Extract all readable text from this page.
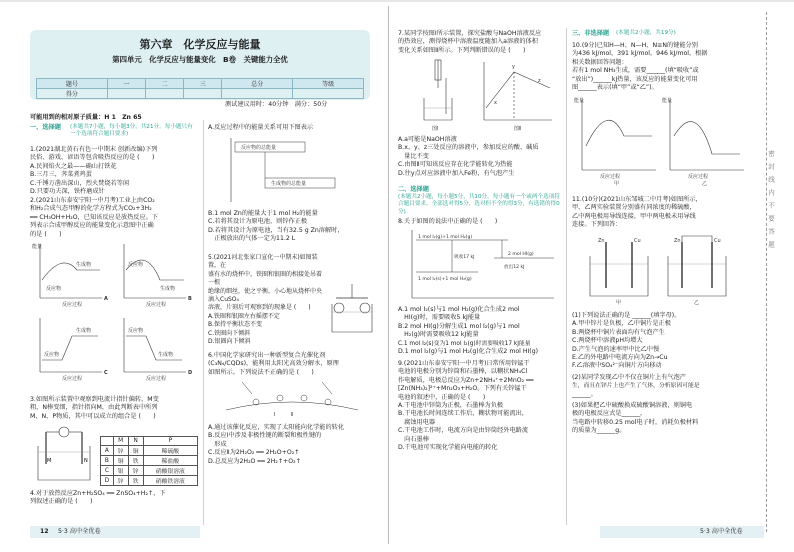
第六章　化学反应与能量
第四单元　化学反应与能量变化　B卷　关键能力全优
题号	一	二	三	总分	等级
得分					
测试建议用时：40分钟　满分：50分
可能用到的相对原子质量：H 1　Zn 65
一、选择题 (本题共7小题，每小题3分，共21分。每小题只有一个选项符合题目要求)
1.(2021湖北黄石有色一中期末 创新改编)下列
民俗、游戏、谚语等包含吸热反应的是 (　　)
A.民间焰火之最——确山打铁花
B.三月三，荠菜煮鸡蛋
C.千锤万凿出深山，烈火焚烧若等闲
D.只要功夫深，铁杵磨成针
2.(2021山东泰安宁阳一中月考)工业上由CO₂
和H₂合成气态甲醇的化学方程式为CO₂+3H₂
══ CH₃OH+H₂O，已知该反应是放热反应。下
列表示合成甲醇反应的能量变化示意图中正确
的是 (　　)
反应物
生成物
反应过程
能量
A
反应物
生成物
反应过程
B
反应物
生成物
反应过程
C
反应物
生成物
反应过程
D
3.如图所示装置中观察到电流计指针偏转，M变
粗，N棒变细，指针指向M，由此判断表中所列
M、N、P物质，其中可以成立的组合是 (　　)
M	N
	M	N	P
A	锌	铜	稀硫酸
B	铜	铁	稀盐酸
C	银	锌	硝酸银溶液
D	锌	铁	硝酸铁溶液
4.对于放热反应Zn+H₂SO₄ ══ ZnSO₄+H₂↑，下
列叙述正确的是 (　　)
12 5·3 高中全优卷
A.反应过程中的能量关系可用下图表示
反应物的总能量
生成物的总能量
B.1 mol Zn的能量大于1 mol H₂的能量
C.若将其设计为原电池，则锌作正极
D.若将其设计为原电池，当有32.5 g Zn溶解时，
　正极放出的气体一定为11.2 L
5.(2021河北张家口宣化一中期末)如图装置，在
盛有水的烧杯中，铁圈和银圈的相接处吊着一根
绝缘的细丝，使之平衡。小心地从烧杯中央滴入CuSO₄
溶液，片刻后可观察到的现象是 (　　)
A.铁圈和银圈左右摇摆不定
B.保持平衡状态不变
C.铁圈向下倾斜
D.银圈向下倾斜
6.中国化学家研究出一种新型复合光催化剂
(C₃N₄/CQDs)，能利用太阳光高效分解水，原理
如图所示。下列说法不正确的是 (　　)
Ⅰ　　　Ⅱ
A.通过该催化反应，实现了太阳能向化学能的转化
B.反应Ⅰ中涉及非极性键的断裂和极性键的
　形成
C.反应Ⅱ为2H₂O₂ ══ 2H₂O+O₂↑
D.总反应为2H₂O ══ 2H₂↑+O₂↑
7.某同学按图Ⅰ所示装置，探究盐酸与NaOH溶液反应
的热效应，测得烧杯中溶液温度随加入a溶液的体积
变化关系如图Ⅱ所示。下列判断错误的是 (　　)
图Ⅰ	图Ⅱ
x
y
z
A.a可能是NaOH溶液
B.x、y、z三处反应的溶液中，参加反应的酸、碱质
　量比不变
C.由图Ⅱ可知该反应存在化学能转化为热能
D.往y点对应溶液中加入Fe粉，有气泡产生
二、选择题
(本题共2小题，每小题5分，共10分。每小题有一个或两个选项符合题目要求，全部选对得5分，选对但不全的得3分，有选错的得0分)
8.关于如图的说法中正确的是 (　　)
1 mol I₂(g)+1 mol H₂(g)
1 mol I₂(s)+1 mol H₂(g)
2 mol HI(g)
吸收17 kJ
放出12 kJ
A.1 mol I₂(s)与1 mol H₂(g)化合生成2 mol
　HI(g)时，需要吸收5 kJ能量
B.2 mol HI(g)分解生成1 mol I₂(g)与1 mol
　H₂(g)时需要吸收12 kJ能量
C.1 mol I₂(s)变为1 mol I₂(g)时需要吸收17 kJ能量
D.1 mol I₂(g)与1 mol H₂(g)化合生成2 mol HI(g)
9.(2021山东泰安宁阳一中月考)日常所用锌锰干
电池的电极分别为锌筒和石墨棒，以糊状NH₄Cl
作电解质，电极总反应为Zn+2NH₄⁺+2MnO₂ ══
[Zn(NH₃)₂]²⁺+Mn₂O₃+H₂O。下列有关锌锰干
电池的叙述中，正确的是 (　　)
A.干电池中锌筒为正极，石墨棒为负极
B.干电池长时间连续工作后，糊状物可能流出，
　腐蚀用电器
C.干电池工作时，电流方向是由锌筒经外电路流
　向石墨棒
D.干电池可实现化学能向电能的转化
三、非选择题 (本题共2小题，共19分)
10.(9分)已知H—H、N—H、N≡N的键能分别
为436 kJ/mol，391 kJ/mol，946 kJ/mol，根据
相关数据回答问题：
若有1 mol NH₃生成，需要______(填“吸收”或
“放出”)______kJ热量，该反应的能量变化可用
图______表示(填“甲”或“乙”)。
能量	能量
反应过程	反应过程
甲	乙
11.(10分)(2021山东邹城二中月考)如图所示，
甲、乙两实验装置分别盛有同浓度的稀硫酸，
乙中两电极用导线连接，甲中两电极未用导线
连接。下列回答：
Zn	Cu	Zn	Cu
甲	乙
(1)下列说法正确的是 ______(填字母)。
A.甲中锌片是负极，乙中铜片是正极
B.两烧杯中铜片表面均有气泡产生
C.两烧杯中溶液pH均增大
D.产生气泡的速率甲中比乙中慢
E.乙的外电路中电流方向为Zn→Cu
F.乙溶液中SO₄²⁻向铜片方向移动
(2)某同学发现乙中不仅在铜片上有气泡产
生，而且在锌片上也产生了气体，分析原因可能是
______。
(3)如果把乙中硫酸换成硫酸铜溶液，则铜电
极的电极反应式是______，
当电路中转移0.25 mol电子时，消耗负极材料
的质量为______g。
5·3 高中全优卷
密　封　线　内　不　要　答　题
